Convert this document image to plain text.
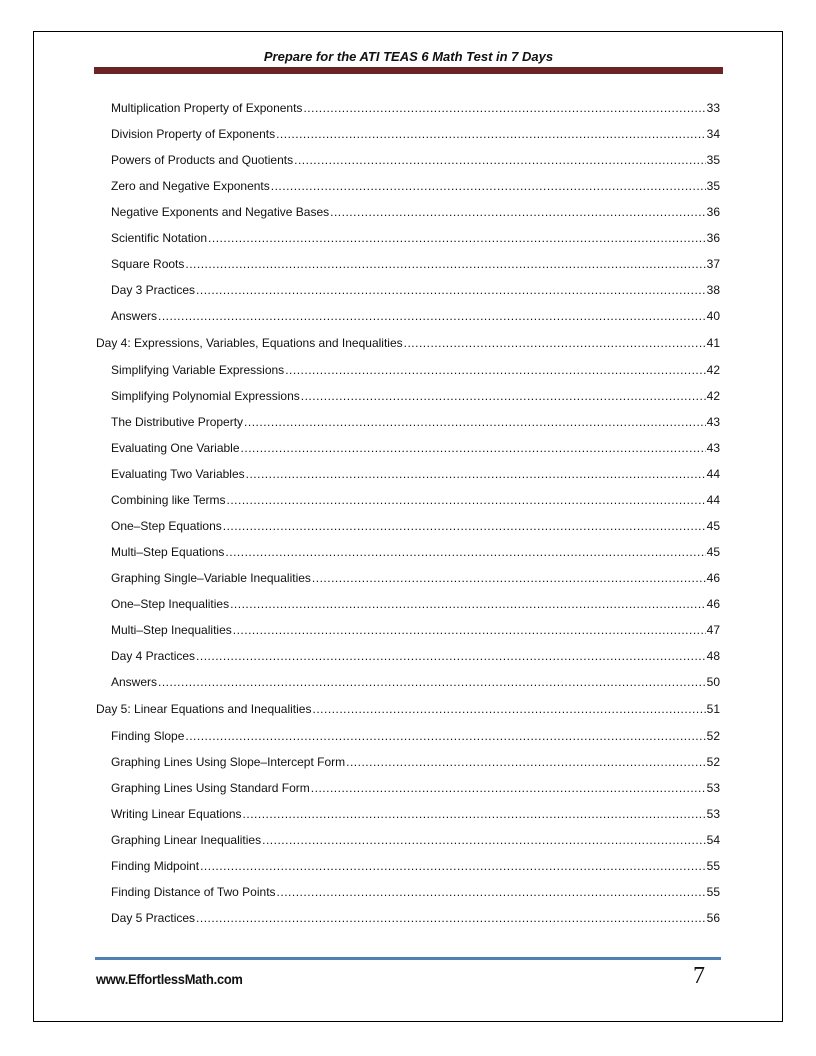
Prepare for the ATI TEAS 6 Math Test in 7 Days
Multiplication Property of Exponents .....	33
Division Property of Exponents .....	34
Powers of Products and Quotients .....	35
Zero and Negative Exponents .....	35
Negative Exponents and Negative Bases .....	36
Scientific Notation .....	36
Square Roots .....	37
Day 3 Practices .....	38
Answers .....	40
Day 4: Expressions, Variables, Equations and Inequalities .....	41
Simplifying Variable Expressions .....	42
Simplifying Polynomial Expressions .....	42
The Distributive Property .....	43
Evaluating One Variable .....	43
Evaluating Two Variables .....	44
Combining like Terms .....	44
One–Step Equations .....	45
Multi–Step Equations .....	45
Graphing Single–Variable Inequalities .....	46
One–Step Inequalities .....	46
Multi–Step Inequalities .....	47
Day 4 Practices .....	48
Answers .....	50
Day 5: Linear Equations and Inequalities .....	51
Finding Slope .....	52
Graphing Lines Using Slope–Intercept Form .....	52
Graphing Lines Using Standard Form .....	53
Writing Linear Equations .....	53
Graphing Linear Inequalities .....	54
Finding Midpoint .....	55
Finding Distance of Two Points .....	55
Day 5 Practices .....	56
www.EffortlessMath.com	7
